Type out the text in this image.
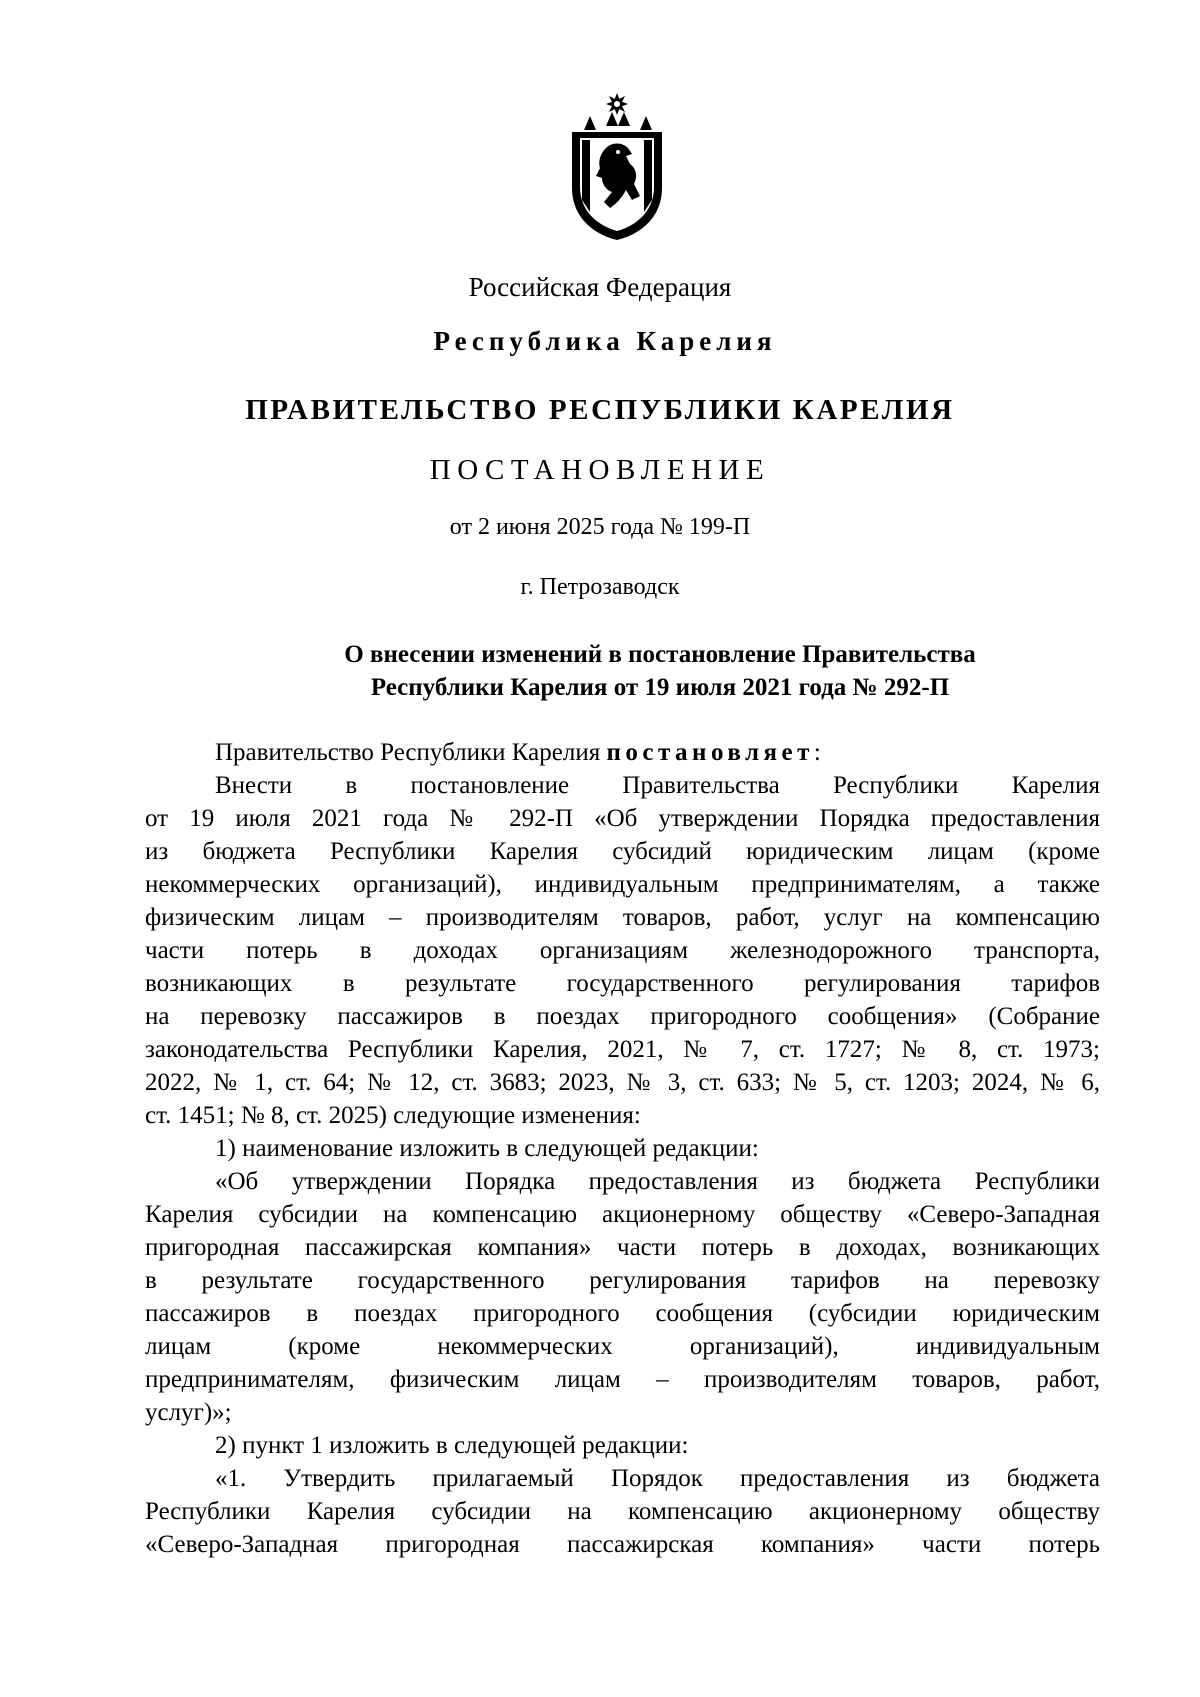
Российская Федерация
Республика Карелия
ПРАВИТЕЛЬСТВО РЕСПУБЛИКИ КАРЕЛИЯ
ПОСТАНОВЛЕНИЕ
от 2 июня 2025 года № 199-П
г. Петрозаводск
О внесении изменений в постановление Правительства
Республики Карелия от 19 июля 2021 года № 292-П
Правительство Республики Карелия постановляет:
Внести в постановление Правительства Республики Карелия
от 19 июля 2021 года № 292-П «Об утверждении Порядка предоставления
из бюджета Республики Карелия субсидий юридическим лицам (кроме
некоммерческих организаций), индивидуальным предпринимателям, а также
физическим лицам – производителям товаров, работ, услуг на компенсацию
части потерь в доходах организациям железнодорожного транспорта,
возникающих в результате государственного регулирования тарифов
на перевозку пассажиров в поездах пригородного сообщения» (Собрание
законодательства Республики Карелия, 2021, № 7, ст. 1727; № 8, ст. 1973;
2022, № 1, ст. 64; № 12, ст. 3683; 2023, № 3, ст. 633; № 5, ст. 1203; 2024, № 6,
ст. 1451; № 8, ст. 2025) следующие изменения:
1) наименование изложить в следующей редакции:
«Об утверждении Порядка предоставления из бюджета Республики
Карелия субсидии на компенсацию акционерному обществу «Северо-Западная
пригородная пассажирская компания» части потерь в доходах, возникающих
в результате государственного регулирования тарифов на перевозку
пассажиров в поездах пригородного сообщения (субсидии юридическим
лицам (кроме некоммерческих организаций), индивидуальным
предпринимателям, физическим лицам – производителям товаров, работ,
услуг)»;
2) пункт 1 изложить в следующей редакции:
«1. Утвердить прилагаемый Порядок предоставления из бюджета
Республики Карелия субсидии на компенсацию акционерному обществу
«Северо-Западная пригородная пассажирская компания» части потерь
